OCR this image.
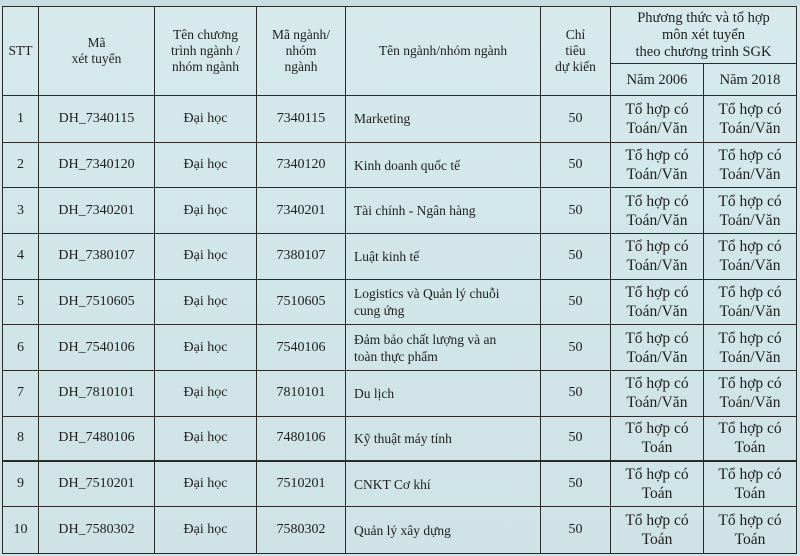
STT	Mã
xét tuyển	Tên chương
trình ngành /
nhóm ngành	Mã ngành/
nhóm
ngành	Tên ngành/nhóm ngành	Chỉ
tiêu
dự kiến	Phương thức và tổ hợp
môn xét tuyển
theo chương trình SGK	
						Năm 2006	Năm 2018
1	DH_7340115	Đại học	7340115	Marketing	50	Tổ hợp có
Toán/Văn	Tổ hợp có
Toán/Văn
2	DH_7340120	Đại học	7340120	Kinh doanh quốc tế	50	Tổ hợp có
Toán/Văn	Tổ hợp có
Toán/Văn
3	DH_7340201	Đại học	7340201	Tài chính - Ngân hàng	50	Tổ hợp có
Toán/Văn	Tổ hợp có
Toán/Văn
4	DH_7380107	Đại học	7380107	Luật kinh tế	50	Tổ hợp có
Toán/Văn	Tổ hợp có
Toán/Văn
5	DH_7510605	Đại học	7510605	Logistics và Quản lý chuỗi
cung ứng	50	Tổ hợp có
Toán/Văn	Tổ hợp có
Toán/Văn
6	DH_7540106	Đại học	7540106	Đảm bảo chất lượng và an
toàn thực phẩm	50	Tổ hợp có
Toán/Văn	Tổ hợp có
Toán/Văn
7	DH_7810101	Đại học	7810101	Du lịch	50	Tổ hợp có
Toán/Văn	Tổ hợp có
Toán/Văn
8	DH_7480106	Đại học	7480106	Kỹ thuật máy tính	50	Tổ hợp có
Toán	Tổ hợp có
Toán
9	DH_7510201	Đại học	7510201	CNKT Cơ khí	50	Tổ hợp có
Toán	Tổ hợp có
Toán
10	DH_7580302	Đại học	7580302	Quản lý xây dựng	50	Tổ hợp có
Toán	Tổ hợp có
Toán
